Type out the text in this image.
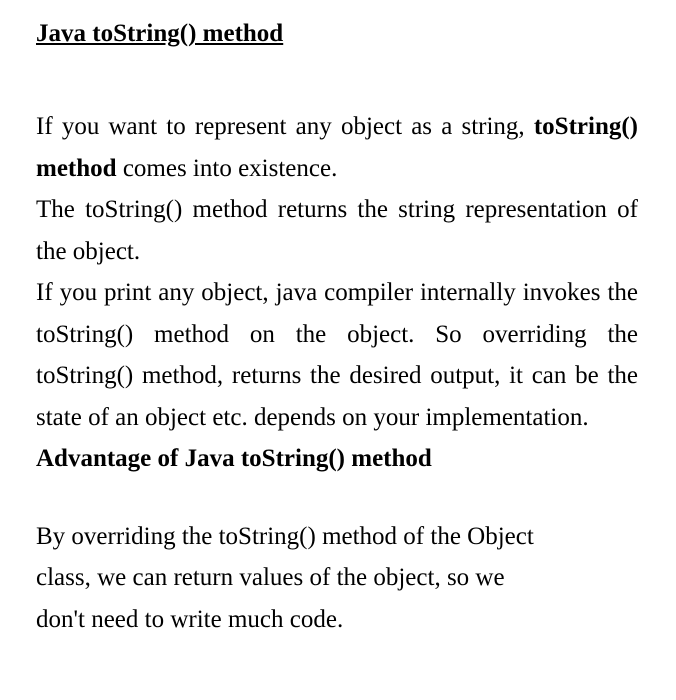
Java toString() method

If you want to represent any object as a string, toString() method comes into existence.

The toString() method returns the string representation of the object.

If you print any object, java compiler internally invokes the toString() method on the object. So overriding the toString() method, returns the desired output, it can be the state of an object etc. depends on your implementation.

Advantage of Java toString() method

By overriding the toString() method of the Object
class, we can return values of the object, so we
don't need to write much code.
